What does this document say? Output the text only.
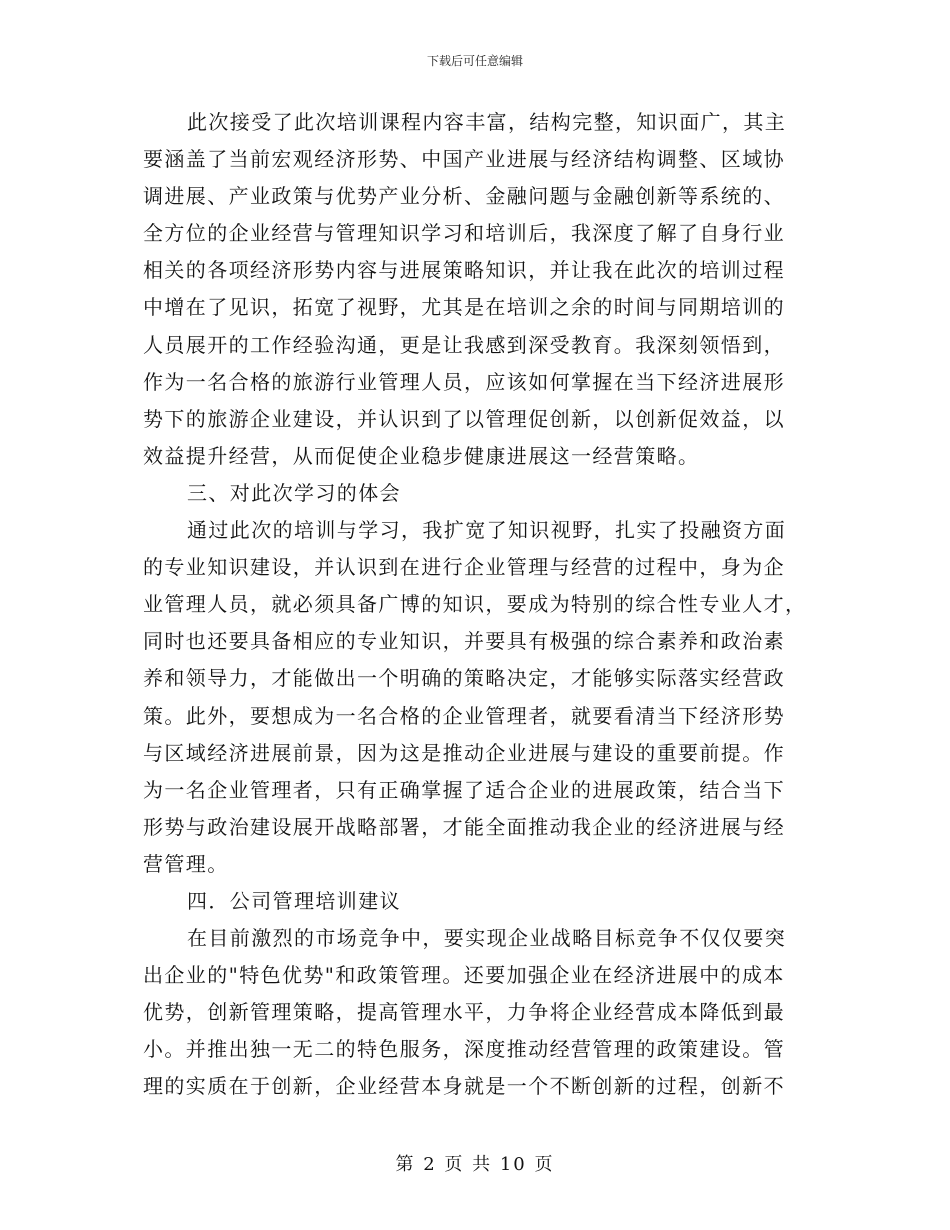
下载后可任意编辑
此次接受了此次培训课程内容丰富，结构完整，知识面广，其主
要涵盖了当前宏观经济形势、中国产业进展与经济结构调整、区域协
调进展、产业政策与优势产业分析、金融问题与金融创新等系统的、
全方位的企业经营与管理知识学习和培训后，我深度了解了自身行业
相关的各项经济形势内容与进展策略知识，并让我在此次的培训过程
中增在了见识，拓宽了视野，尤其是在培训之余的时间与同期培训的
人员展开的工作经验沟通，更是让我感到深受教育。我深刻领悟到，
作为一名合格的旅游行业管理人员，应该如何掌握在当下经济进展形
势下的旅游企业建设，并认识到了以管理促创新，以创新促效益，以
效益提升经营，从而促使企业稳步健康进展这一经营策略。
三、对此次学习的体会
通过此次的培训与学习，我扩宽了知识视野，扎实了投融资方面
的专业知识建设，并认识到在进行企业管理与经营的过程中，身为企
业管理人员，就必须具备广博的知识，要成为特别的综合性专业人才，
同时也还要具备相应的专业知识，并要具有极强的综合素养和政治素
养和领导力，才能做出一个明确的策略决定，才能够实际落实经营政
策。此外，要想成为一名合格的企业管理者，就要看清当下经济形势
与区域经济进展前景，因为这是推动企业进展与建设的重要前提。作
为一名企业管理者，只有正确掌握了适合企业的进展政策，结合当下
形势与政治建设展开战略部署，才能全面推动我企业的经济进展与经
营管理。
四．公司管理培训建议
在目前激烈的市场竞争中，要实现企业战略目标竞争不仅仅要突
出企业的"特色优势"和政策管理。还要加强企业在经济进展中的成本
优势，创新管理策略，提高管理水平，力争将企业经营成本降低到最
小。并推出独一无二的特色服务，深度推动经营管理的政策建设。管
理的实质在于创新，企业经营本身就是一个不断创新的过程，创新不
第 2 页 共 10 页
